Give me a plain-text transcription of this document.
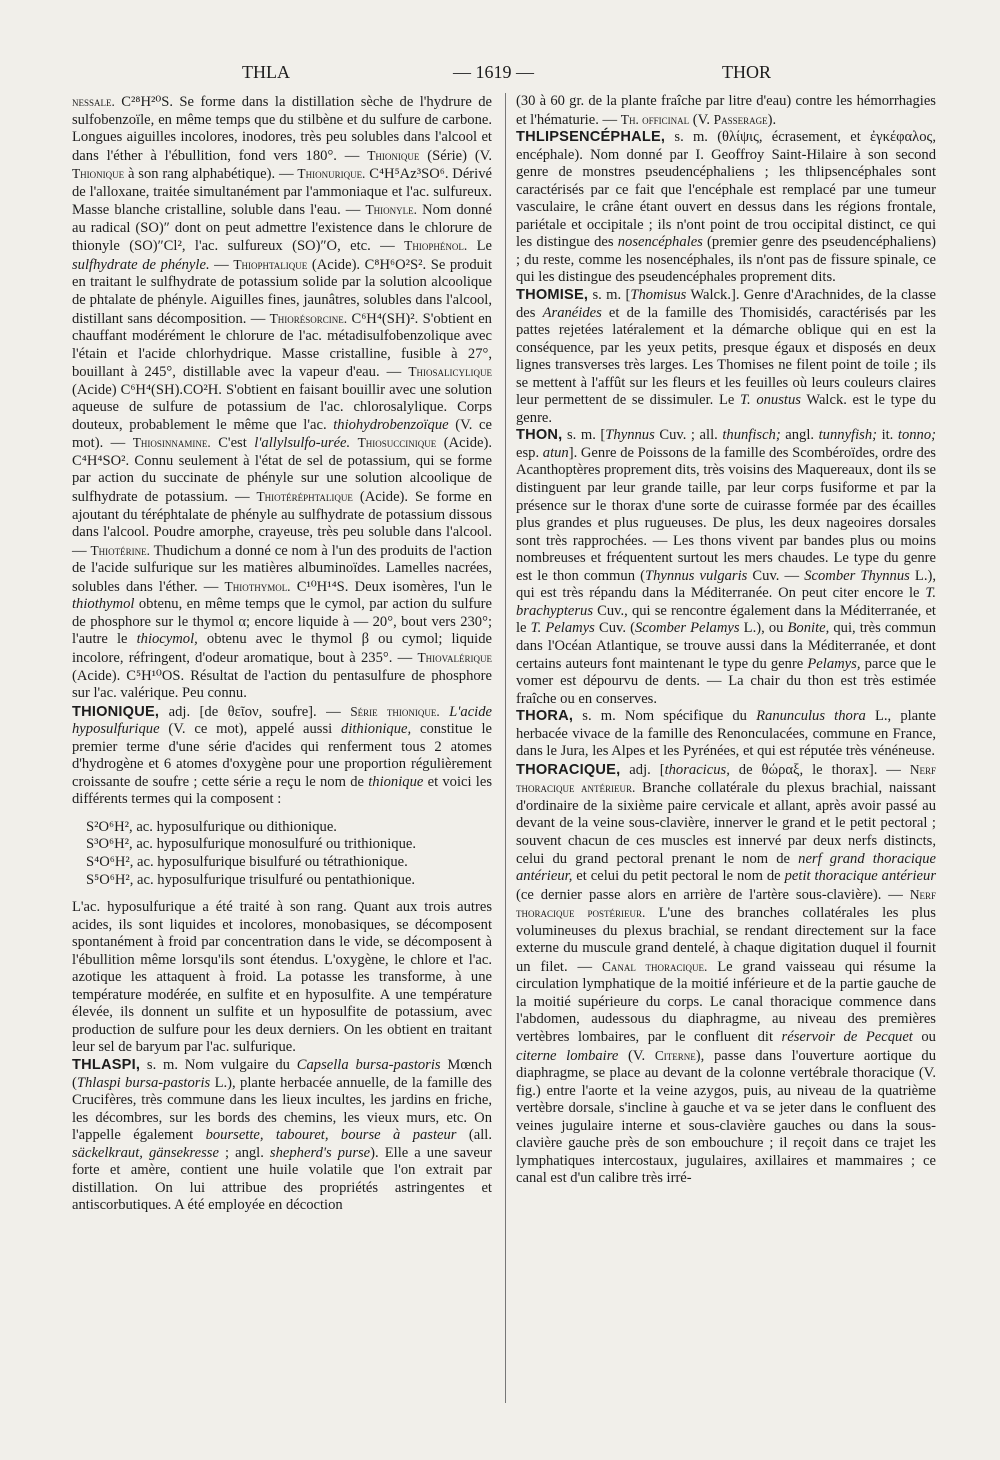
THLA	— 1619 —	THOR

nessale. C²⁸H²⁰S. Se forme dans la distillation sèche de l'hydrure de sulfobenzoïle, en même temps que du stilbène et du sulfure de carbone. Longues aiguilles incolores, inodores, très peu solubles dans l'alcool et dans l'éther à l'ébullition, fond vers 180°. — Thionique (Série) (V. Thionique à son rang alphabétique). — Thionurique. C⁴H⁵Az³SO⁶. Dérivé de l'alloxane, traitée simultanément par l'ammoniaque et l'ac. sulfureux. Masse blanche cristalline, soluble dans l'eau. — Thionyle. Nom donné au radical (SO)″ dont on peut admettre l'existence dans le chlorure de thionyle (SO)″Cl², l'ac. sulfureux (SO)″O, etc. — Thiophénol. Le sulfhydrate de phényle. — Thiophtalique (Acide). C⁸H⁶O²S². Se produit en traitant le sulfhydrate de potassium solide par la solution alcoolique de phtalate de phényle. Aiguilles fines, jaunâtres, solubles dans l'alcool, distillant sans décomposition. — Thiorésorcine. C⁶H⁴(SH)². S'obtient en chauffant modérément le chlorure de l'ac. métadisulfobenzolique avec l'étain et l'acide chlorhydrique. Masse cristalline, fusible à 27°, bouillant à 245°, distillable avec la vapeur d'eau. — Thiosalicylique (Acide) C⁶H⁴(SH).CO²H. S'obtient en faisant bouillir avec une solution aqueuse de sulfure de potassium de l'ac. chlorosalylique. Corps douteux, probablement le même que l'ac. thiohydrobenzoïque (V. ce mot). — Thiosinnamine. C'est l'allylsulfo-urée. Thiosuccinique (Acide). C⁴H⁴SO². Connu seulement à l'état de sel de potassium, qui se forme par action du succinate de phényle sur une solution alcoolique de sulfhydrate de potassium. — Thiotéréphtalique (Acide). Se forme en ajoutant du téréphtalate de phényle au sulfhydrate de potassium dissous dans l'alcool. Poudre amorphe, crayeuse, très peu soluble dans l'alcool. — Thiotérine. Thudichum a donné ce nom à l'un des produits de l'action de l'acide sulfurique sur les matières albuminoïdes. Lamelles nacrées, solubles dans l'éther. — Thiothymol. C¹⁰H¹⁴S. Deux isomères, l'un le thiothymol obtenu, en même temps que le cymol, par action du sulfure de phosphore sur le thymol α; encore liquide à — 20°, bout vers 230°; l'autre le thiocymol, obtenu avec le thymol β ou cymol; liquide incolore, réfringent, d'odeur aromatique, bout à 235°. — Thiovalérique (Acide). C⁵H¹⁰OS. Résultat de l'action du pentasulfure de phosphore sur l'ac. valérique. Peu connu.

THIONIQUE, adj. [de θεῖον, soufre]. — Série thionique. L'acide hyposulfurique (V. ce mot), appelé aussi dithionique, constitue le premier terme d'une série d'acides qui renferment tous 2 atomes d'hydrogène et 6 atomes d'oxygène pour une proportion régulièrement croissante de soufre ; cette série a reçu le nom de thionique et voici les différents termes qui la composent :

S²O⁶H², ac. hyposulfurique ou dithionique.
S³O⁶H², ac. hyposulfurique monosulfuré ou trithionique.
S⁴O⁶H², ac. hyposulfurique bisulfuré ou tétrathionique.
S⁵O⁶H², ac. hyposulfurique trisulfuré ou pentathionique.

L'ac. hyposulfurique a été traité à son rang. Quant aux trois autres acides, ils sont liquides et incolores, monobasiques, se décomposent spontanément à froid par concentration dans le vide, se décomposent à l'ébullition même lorsqu'ils sont étendus. L'oxygène, le chlore et l'ac. azotique les attaquent à froid. La potasse les transforme, à une température modérée, en sulfite et en hyposulfite. A une température élevée, ils donnent un sulfite et un hyposulfite de potassium, avec production de sulfure pour les deux derniers. On les obtient en traitant leur sel de baryum par l'ac. sulfurique.

THLASPI, s. m. Nom vulgaire du Capsella bursa-pastoris Mœnch (Thlaspi bursa-pastoris L.), plante herbacée annuelle, de la famille des Crucifères, très commune dans les lieux incultes, les jardins en friche, les décombres, sur les bords des chemins, les vieux murs, etc. On l'appelle également boursette, tabouret, bourse à pasteur (all. säckelkraut, gänsekresse ; angl. shepherd's purse). Elle a une saveur forte et amère, contient une huile volatile que l'on extrait par distillation. On lui attribue des propriétés astringentes et antiscorbutiques. A été employée en décoction

(30 à 60 gr. de la plante fraîche par litre d'eau) contre les hémorrhagies et l'hématurie. — Th. officinal (V. Passerage).

THLIPSENCÉPHALE, s. m. (θλίψις, écrasement, et ἐγκέφαλος, encéphale). Nom donné par I. Geoffroy Saint-Hilaire à son second genre de monstres pseudencéphaliens ; les thlipsencéphales sont caractérisés par ce fait que l'encéphale est remplacé par une tumeur vasculaire, le crâne étant ouvert en dessus dans les régions frontale, pariétale et occipitale ; ils n'ont point de trou occipital distinct, ce qui les distingue des nosencéphales (premier genre des pseudencéphaliens) ; du reste, comme les nosencéphales, ils n'ont pas de fissure spinale, ce qui les distingue des pseudencéphales proprement dits.

THOMISE, s. m. [Thomisus Walck.]. Genre d'Arachnides, de la classe des Aranéides et de la famille des Thomisidés, caractérisés par les pattes rejetées latéralement et la démarche oblique qui en est la conséquence, par les yeux petits, presque égaux et disposés en deux lignes transverses très larges. Les Thomises ne filent point de toile ; ils se mettent à l'affût sur les fleurs et les feuilles où leurs couleurs claires leur permettent de se dissimuler. Le T. onustus Walck. est le type du genre.

THON, s. m. [Thynnus Cuv. ; all. thunfisch; angl. tunnyfish; it. tonno; esp. atun]. Genre de Poissons de la famille des Scombéroïdes, ordre des Acanthoptères proprement dits, très voisins des Maquereaux, dont ils se distinguent par leur grande taille, par leur corps fusiforme et par la présence sur le thorax d'une sorte de cuirasse formée par des écailles plus grandes et plus rugueuses. De plus, les deux nageoires dorsales sont très rapprochées. — Les thons vivent par bandes plus ou moins nombreuses et fréquentent surtout les mers chaudes. Le type du genre est le thon commun (Thynnus vulgaris Cuv. — Scomber Thynnus L.), qui est très répandu dans la Méditerranée. On peut citer encore le T. brachypterus Cuv., qui se rencontre également dans la Méditerranée, et le T. Pelamys Cuv. (Scomber Pelamys L.), ou Bonite, qui, très commun dans l'Océan Atlantique, se trouve aussi dans la Méditerranée, et dont certains auteurs font maintenant le type du genre Pelamys, parce que le vomer est dépourvu de dents. — La chair du thon est très estimée fraîche ou en conserves.

THORA, s. m. Nom spécifique du Ranunculus thora L., plante herbacée vivace de la famille des Renonculacées, commune en France, dans le Jura, les Alpes et les Pyrénées, et qui est réputée très vénéneuse.

THORACIQUE, adj. [thoracicus, de θώραξ, le thorax]. — Nerf thoracique antérieur. Branche collatérale du plexus brachial, naissant d'ordinaire de la sixième paire cervicale et allant, après avoir passé au devant de la veine sous-clavière, innerver le grand et le petit pectoral ; souvent chacun de ces muscles est innervé par deux nerfs distincts, celui du grand pectoral prenant le nom de nerf grand thoracique antérieur, et celui du petit pectoral le nom de petit thoracique antérieur (ce dernier passe alors en arrière de l'artère sous-clavière). — Nerf thoracique postérieur. L'une des branches collatérales les plus volumineuses du plexus brachial, se rendant directement sur la face externe du muscule grand dentelé, à chaque digitation duquel il fournit un filet. — Canal thoracique. Le grand vaisseau qui résume la circulation lymphatique de la moitié inférieure et de la partie gauche de la moitié supérieure du corps. Le canal thoracique commence dans l'abdomen, audessous du diaphragme, au niveau des premières vertèbres lombaires, par le confluent dit réservoir de Pecquet ou citerne lombaire (V. Citerne), passe dans l'ouverture aortique du diaphragme, se place au devant de la colonne vertébrale thoracique (V. fig.) entre l'aorte et la veine azygos, puis, au niveau de la quatrième vertèbre dorsale, s'incline à gauche et va se jeter dans le confluent des veines jugulaire interne et sous-clavière gauches ou dans la sous-clavière gauche près de son embouchure ; il reçoit dans ce trajet les lymphatiques intercostaux, jugulaires, axillaires et mammaires ; ce canal est d'un calibre très irré-
